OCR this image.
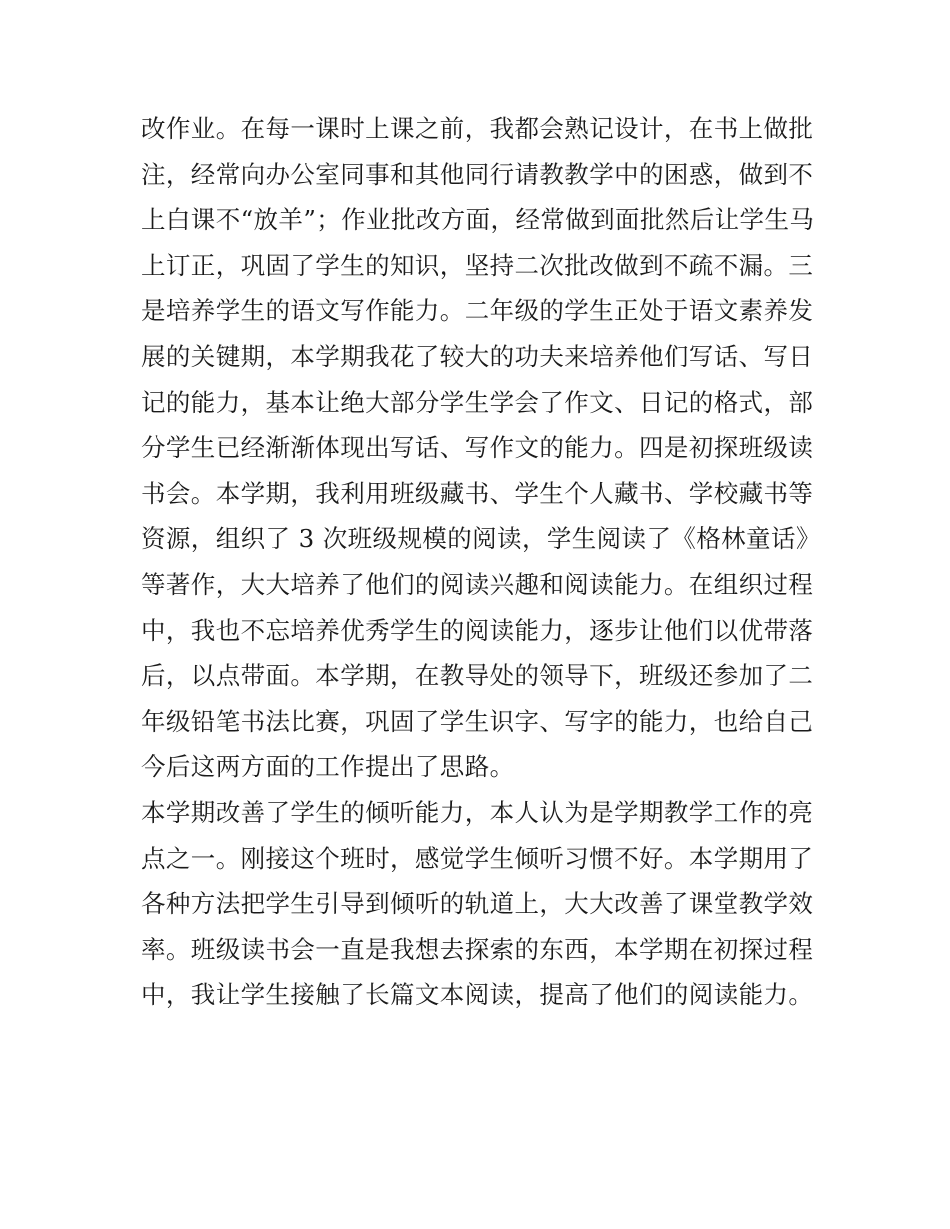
改作业。在每一课时上课之前，我都会熟记设计，在书上做批
注，经常向办公室同事和其他同行请教教学中的困惑，做到不
上白课不“放羊”；作业批改方面，经常做到面批然后让学生马
上订正，巩固了学生的知识，坚持二次批改做到不疏不漏。三
是培养学生的语文写作能力。二年级的学生正处于语文素养发
展的关键期，本学期我花了较大的功夫来培养他们写话、写日
记的能力，基本让绝大部分学生学会了作文、日记的格式，部
分学生已经渐渐体现出写话、写作文的能力。四是初探班级读
书会。本学期，我利用班级藏书、学生个人藏书、学校藏书等
资源，组织了 3 次班级规模的阅读，学生阅读了《格林童话》
等著作，大大培养了他们的阅读兴趣和阅读能力。在组织过程
中，我也不忘培养优秀学生的阅读能力，逐步让他们以优带落
后，以点带面。本学期，在教导处的领导下，班级还参加了二
年级铅笔书法比赛，巩固了学生识字、写字的能力，也给自己
今后这两方面的工作提出了思路。
本学期改善了学生的倾听能力，本人认为是学期教学工作的亮
点之一。刚接这个班时，感觉学生倾听习惯不好。本学期用了
各种方法把学生引导到倾听的轨道上，大大改善了课堂教学效
率。班级读书会一直是我想去探索的东西，本学期在初探过程
中，我让学生接触了长篇文本阅读，提高了他们的阅读能力。
